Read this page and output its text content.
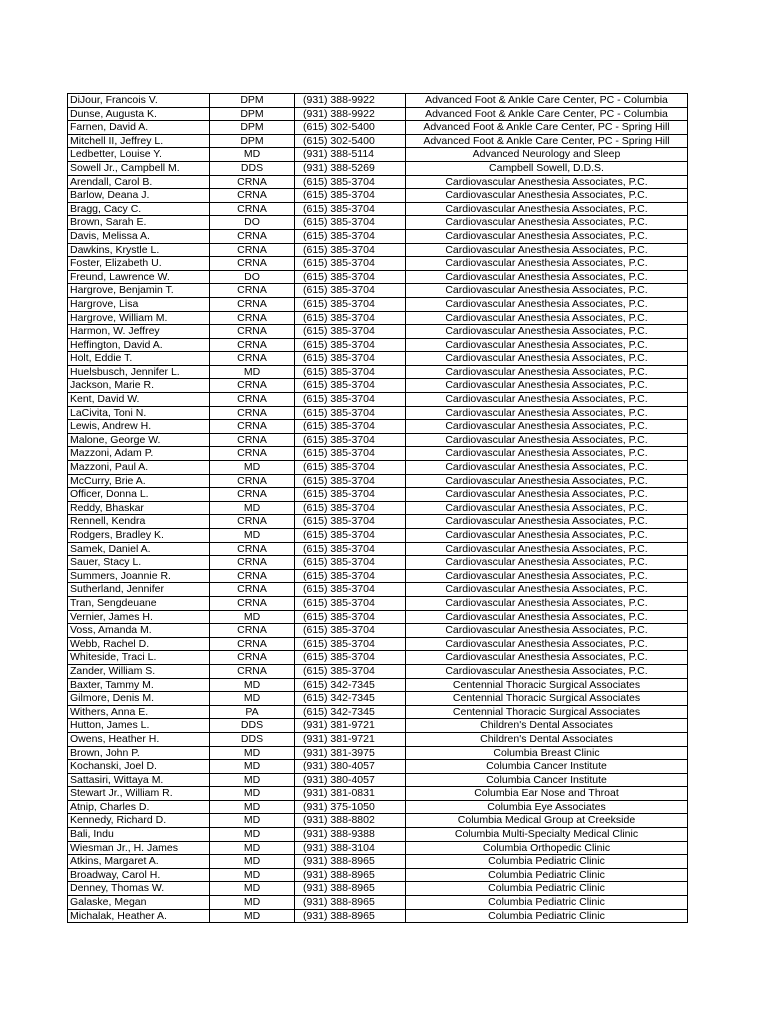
DiJour, Francois V.	DPM	(931) 388-9922	Advanced Foot & Ankle Care Center, PC - Columbia
Dunse, Augusta K.	DPM	(931) 388-9922	Advanced Foot & Ankle Care Center, PC - Columbia
Farnen, David A.	DPM	(615) 302-5400	Advanced Foot & Ankle Care Center, PC - Spring Hill
Mitchell II, Jeffrey L.	DPM	(615) 302-5400	Advanced Foot & Ankle Care Center, PC - Spring Hill
Ledbetter, Louise Y.	MD	(931) 388-5114	Advanced Neurology and Sleep
Sowell Jr., Campbell M.	DDS	(931) 388-5269	Campbell Sowell, D.D.S.
Arendall, Carol B.	CRNA	(615) 385-3704	Cardiovascular Anesthesia Associates, P.C.
Barlow, Deana J.	CRNA	(615) 385-3704	Cardiovascular Anesthesia Associates, P.C.
Bragg, Cacy C.	CRNA	(615) 385-3704	Cardiovascular Anesthesia Associates, P.C.
Brown, Sarah E.	DO	(615) 385-3704	Cardiovascular Anesthesia Associates, P.C.
Davis, Melissa A.	CRNA	(615) 385-3704	Cardiovascular Anesthesia Associates, P.C.
Dawkins, Krystle L.	CRNA	(615) 385-3704	Cardiovascular Anesthesia Associates, P.C.
Foster, Elizabeth U.	CRNA	(615) 385-3704	Cardiovascular Anesthesia Associates, P.C.
Freund, Lawrence W.	DO	(615) 385-3704	Cardiovascular Anesthesia Associates, P.C.
Hargrove, Benjamin T.	CRNA	(615) 385-3704	Cardiovascular Anesthesia Associates, P.C.
Hargrove, Lisa	CRNA	(615) 385-3704	Cardiovascular Anesthesia Associates, P.C.
Hargrove, William M.	CRNA	(615) 385-3704	Cardiovascular Anesthesia Associates, P.C.
Harmon, W. Jeffrey	CRNA	(615) 385-3704	Cardiovascular Anesthesia Associates, P.C.
Heffington, David A.	CRNA	(615) 385-3704	Cardiovascular Anesthesia Associates, P.C.
Holt, Eddie T.	CRNA	(615) 385-3704	Cardiovascular Anesthesia Associates, P.C.
Huelsbusch, Jennifer L.	MD	(615) 385-3704	Cardiovascular Anesthesia Associates, P.C.
Jackson, Marie R.	CRNA	(615) 385-3704	Cardiovascular Anesthesia Associates, P.C.
Kent, David W.	CRNA	(615) 385-3704	Cardiovascular Anesthesia Associates, P.C.
LaCivita, Toni N.	CRNA	(615) 385-3704	Cardiovascular Anesthesia Associates, P.C.
Lewis, Andrew H.	CRNA	(615) 385-3704	Cardiovascular Anesthesia Associates, P.C.
Malone, George W.	CRNA	(615) 385-3704	Cardiovascular Anesthesia Associates, P.C.
Mazzoni, Adam P.	CRNA	(615) 385-3704	Cardiovascular Anesthesia Associates, P.C.
Mazzoni, Paul A.	MD	(615) 385-3704	Cardiovascular Anesthesia Associates, P.C.
McCurry, Brie A.	CRNA	(615) 385-3704	Cardiovascular Anesthesia Associates, P.C.
Officer, Donna L.	CRNA	(615) 385-3704	Cardiovascular Anesthesia Associates, P.C.
Reddy, Bhaskar	MD	(615) 385-3704	Cardiovascular Anesthesia Associates, P.C.
Rennell, Kendra	CRNA	(615) 385-3704	Cardiovascular Anesthesia Associates, P.C.
Rodgers, Bradley K.	MD	(615) 385-3704	Cardiovascular Anesthesia Associates, P.C.
Samek, Daniel A.	CRNA	(615) 385-3704	Cardiovascular Anesthesia Associates, P.C.
Sauer, Stacy L.	CRNA	(615) 385-3704	Cardiovascular Anesthesia Associates, P.C.
Summers, Joannie R.	CRNA	(615) 385-3704	Cardiovascular Anesthesia Associates, P.C.
Sutherland, Jennifer	CRNA	(615) 385-3704	Cardiovascular Anesthesia Associates, P.C.
Tran, Sengdeuane	CRNA	(615) 385-3704	Cardiovascular Anesthesia Associates, P.C.
Vernier, James H.	MD	(615) 385-3704	Cardiovascular Anesthesia Associates, P.C.
Voss, Amanda M.	CRNA	(615) 385-3704	Cardiovascular Anesthesia Associates, P.C.
Webb, Rachel D.	CRNA	(615) 385-3704	Cardiovascular Anesthesia Associates, P.C.
Whiteside, Traci L.	CRNA	(615) 385-3704	Cardiovascular Anesthesia Associates, P.C.
Zander, William S.	CRNA	(615) 385-3704	Cardiovascular Anesthesia Associates, P.C.
Baxter, Tammy M.	MD	(615) 342-7345	Centennial Thoracic Surgical Associates
Gilmore, Denis M.	MD	(615) 342-7345	Centennial Thoracic Surgical Associates
Withers, Anna E.	PA	(615) 342-7345	Centennial Thoracic Surgical Associates
Hutton, James L.	DDS	(931) 381-9721	Children's Dental Associates
Owens, Heather H.	DDS	(931) 381-9721	Children's Dental Associates
Brown, John P.	MD	(931) 381-3975	Columbia Breast Clinic
Kochanski, Joel D.	MD	(931) 380-4057	Columbia Cancer Institute
Sattasiri, Wittaya M.	MD	(931) 380-4057	Columbia Cancer Institute
Stewart Jr., William R.	MD	(931) 381-0831	Columbia Ear Nose and Throat
Atnip, Charles D.	MD	(931) 375-1050	Columbia Eye Associates
Kennedy, Richard D.	MD	(931) 388-8802	Columbia Medical Group at Creekside
Bali, Indu	MD	(931) 388-9388	Columbia Multi-Specialty Medical Clinic
Wiesman Jr., H. James	MD	(931) 388-3104	Columbia Orthopedic Clinic
Atkins, Margaret A.	MD	(931) 388-8965	Columbia Pediatric Clinic
Broadway, Carol H.	MD	(931) 388-8965	Columbia Pediatric Clinic
Denney, Thomas W.	MD	(931) 388-8965	Columbia Pediatric Clinic
Galaske, Megan	MD	(931) 388-8965	Columbia Pediatric Clinic
Michalak, Heather A.	MD	(931) 388-8965	Columbia Pediatric Clinic
